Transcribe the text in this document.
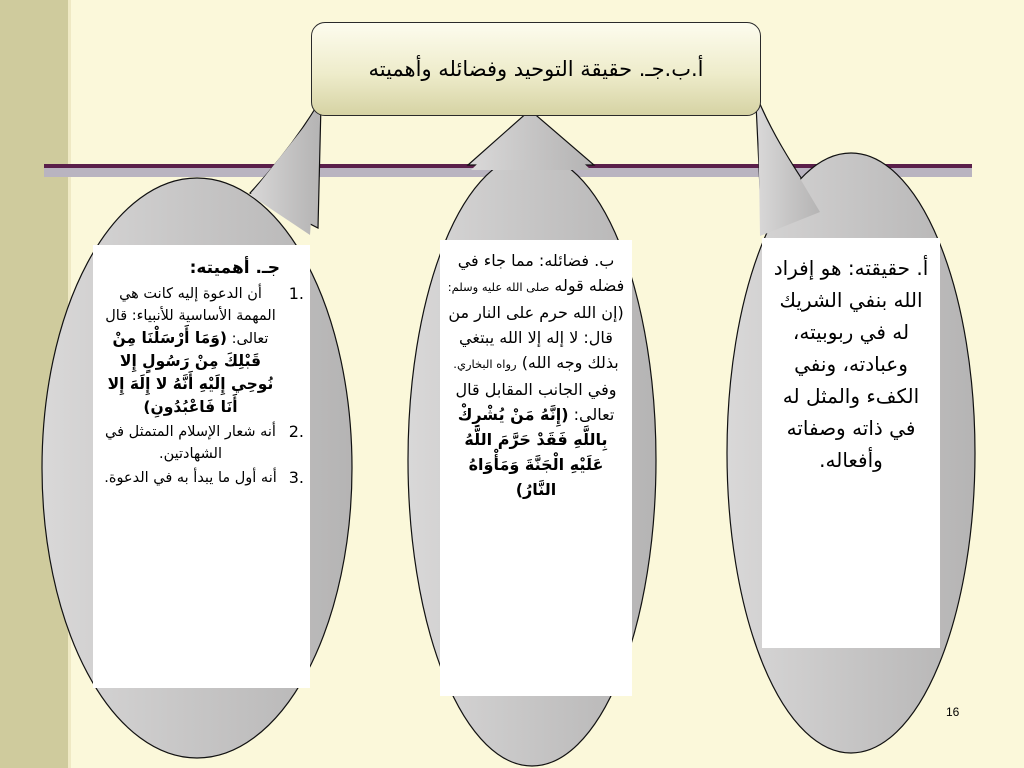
أ.ب.جـ. حقيقة التوحيد وفضائله وأهميته
أ. حقيقته: هو إفراد الله بنفي الشريك له في ربوبيته، وعبادته، ونفي الكفء والمثل له في ذاته وصفاته وأفعاله.
ب. فضائله: مما جاء في فضله قوله صلى الله عليه وسلم: (إن الله حرم على النار من قال: لا إله إلا الله يبتغي بذلك وجه الله) رواه البخاري. وفي الجانب المقابل قال تعالى: (إِنَّهُ مَنْ يُشْرِكْ بِاللَّهِ فَقَدْ حَرَّمَ اللَّهُ عَلَيْهِ الْجَنَّةَ وَمَأْوَاهُ النَّارُ)
جـ. أهميته:
1.
أن الدعوة إليه كانت هي المهمة الأساسية للأنبياء: قال تعالى: (وَمَا أَرْسَلْنَا مِنْ قَبْلِكَ مِنْ رَسُولٍ إِلا نُوحِي إِلَيْهِ أَنَّهُ لا إِلَهَ إِلا أَنَا فَاعْبُدُونِ)
2.
أنه شعار الإسلام المتمثل في الشهادتين.
3.
أنه أول ما يبدأ به في الدعوة.
16
